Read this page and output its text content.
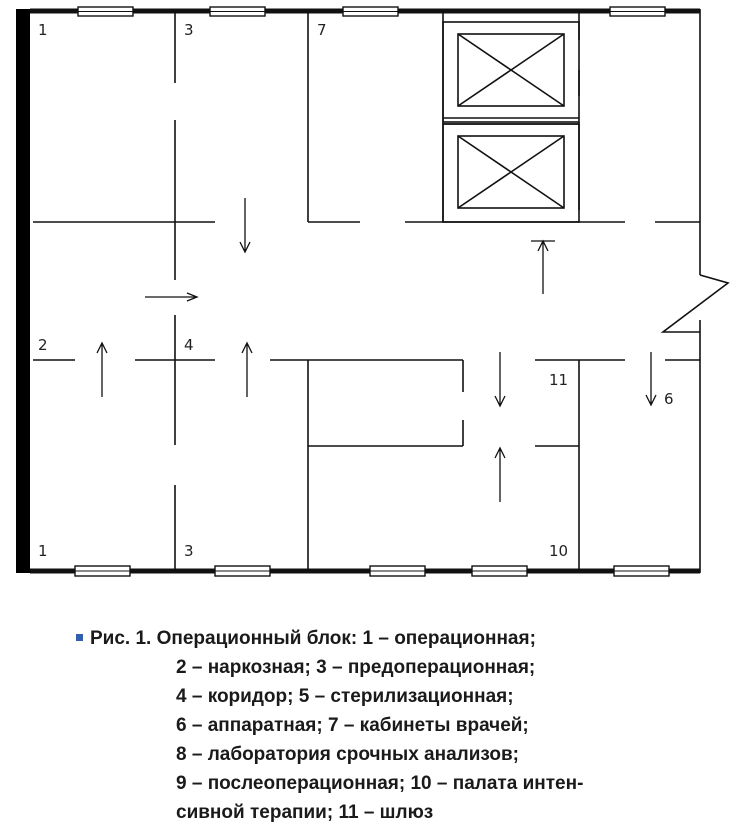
1	3	7
2	4
11
6
1	3	10
Рис. 1. Операционный блок: 1 – операционная;
2 – наркозная; 3 – предоперационная;
4 – коридор; 5 – стерилизационная;
6 – аппаратная; 7 – кабинеты врачей;
8 – лаборатория срочных анализов;
9 – послеоперационная; 10 – палата интен-
сивной терапии; 11 – шлюз
